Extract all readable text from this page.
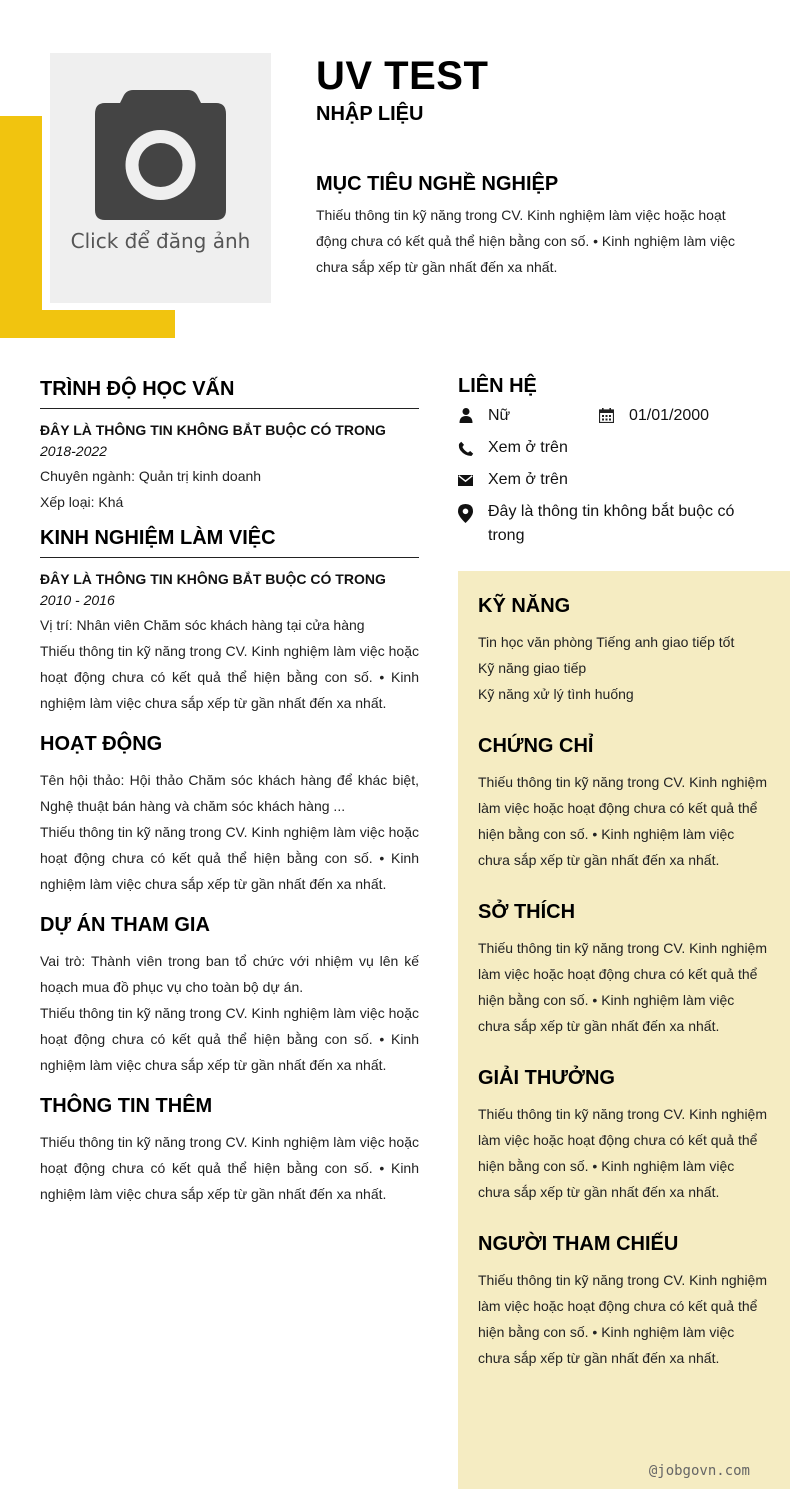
Click để đăng ảnh
UV TEST
NHẬP LIỆU
MỤC TIÊU NGHỀ NGHIỆP
Thiếu thông tin kỹ năng trong CV. Kinh nghiệm làm việc hoặc hoạt động chưa có kết quả thể hiện bằng con số. • Kinh nghiệm làm việc chưa sắp xếp từ gần nhất đến xa nhất.
TRÌNH ĐỘ HỌC VẤN
ĐÂY LÀ THÔNG TIN KHÔNG BẮT BUỘC CÓ TRONG
2018-2022
Chuyên ngành: Quản trị kinh doanh
Xếp loại: Khá
KINH NGHIỆM LÀM VIỆC
ĐÂY LÀ THÔNG TIN KHÔNG BẮT BUỘC CÓ TRONG
2010 - 2016
Vị trí: Nhân viên Chăm sóc khách hàng tại cửa hàng
Thiếu thông tin kỹ năng trong CV. Kinh nghiệm làm việc hoặc hoạt động chưa có kết quả thể hiện bằng con số. • Kinh nghiệm làm việc chưa sắp xếp từ gần nhất đến xa nhất.
HOẠT ĐỘNG
Tên hội thảo: Hội thảo Chăm sóc khách hàng để khác biệt, Nghệ thuật bán hàng và chăm sóc khách hàng ...
Thiếu thông tin kỹ năng trong CV. Kinh nghiệm làm việc hoặc hoạt động chưa có kết quả thể hiện bằng con số. • Kinh nghiệm làm việc chưa sắp xếp từ gần nhất đến xa nhất.
DỰ ÁN THAM GIA
Vai trò: Thành viên trong ban tổ chức với nhiệm vụ lên kế hoạch mua đồ phục vụ cho toàn bộ dự án.
Thiếu thông tin kỹ năng trong CV. Kinh nghiệm làm việc hoặc hoạt động chưa có kết quả thể hiện bằng con số. • Kinh nghiệm làm việc chưa sắp xếp từ gần nhất đến xa nhất.
THÔNG TIN THÊM
Thiếu thông tin kỹ năng trong CV. Kinh nghiệm làm việc hoặc hoạt động chưa có kết quả thể hiện bằng con số. • Kinh nghiệm làm việc chưa sắp xếp từ gần nhất đến xa nhất.
LIÊN HỆ
Nữ	01/01/2000
Xem ở trên
Xem ở trên
Đây là thông tin không bắt buộc có trong
KỸ NĂNG
Tin học văn phòng Tiếng anh giao tiếp tốt
Kỹ năng giao tiếp
Kỹ năng xử lý tình huống
CHỨNG CHỈ
Thiếu thông tin kỹ năng trong CV. Kinh nghiệm làm việc hoặc hoạt động chưa có kết quả thể hiện bằng con số. • Kinh nghiệm làm việc chưa sắp xếp từ gần nhất đến xa nhất.
SỞ THÍCH
Thiếu thông tin kỹ năng trong CV. Kinh nghiệm làm việc hoặc hoạt động chưa có kết quả thể hiện bằng con số. • Kinh nghiệm làm việc chưa sắp xếp từ gần nhất đến xa nhất.
GIẢI THƯỞNG
Thiếu thông tin kỹ năng trong CV. Kinh nghiệm làm việc hoặc hoạt động chưa có kết quả thể hiện bằng con số. • Kinh nghiệm làm việc chưa sắp xếp từ gần nhất đến xa nhất.
NGƯỜI THAM CHIẾU
Thiếu thông tin kỹ năng trong CV. Kinh nghiệm làm việc hoặc hoạt động chưa có kết quả thể hiện bằng con số. • Kinh nghiệm làm việc chưa sắp xếp từ gần nhất đến xa nhất.
@jobgovn.com
